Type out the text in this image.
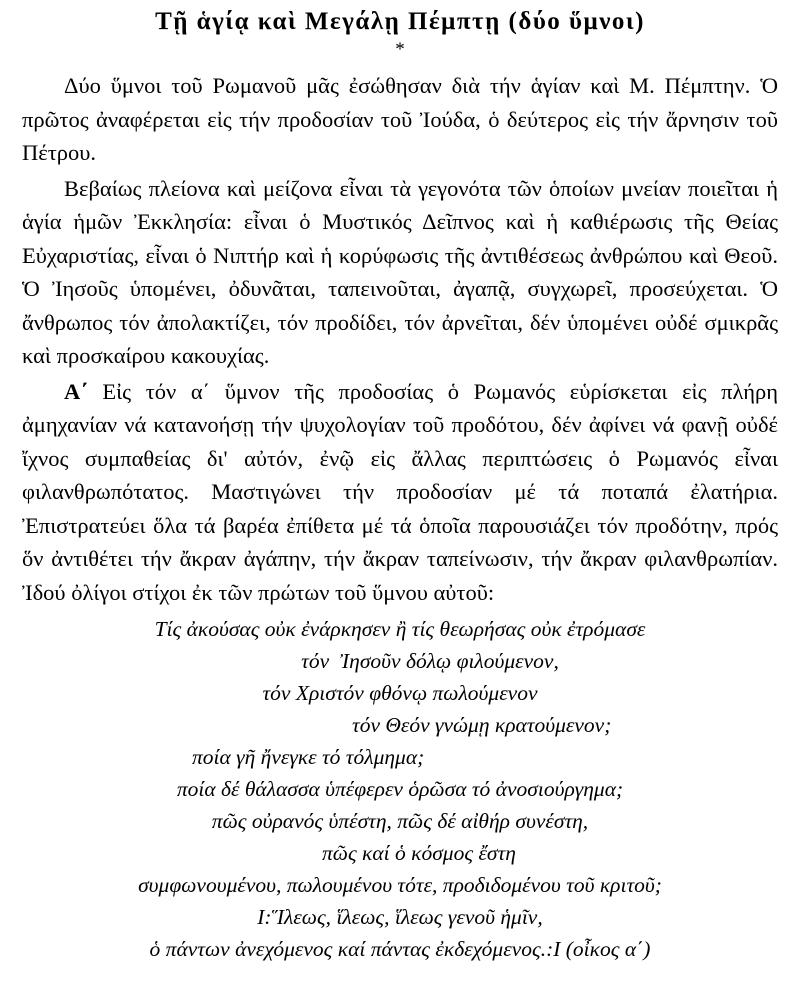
Τῇ ἁγίᾳ καὶ Μεγάλῃ Πέμπτῃ (δύο ὕμνοι)
*

Δύο ὕμνοι τοῦ Ρωμανοῦ μᾶς ἐσώθησαν διὰ τήν ἁγίαν καὶ Μ. Πέμπτην. Ὁ πρῶτος ἀναφέρεται εἰς τήν προδοσίαν τοῦ Ἰούδα, ὁ δεύτερος εἰς τήν ἄρνησιν τοῦ Πέτρου.

Βεβαίως πλείονα καὶ μείζονα εἶναι τὰ γεγονότα τῶν ὁποίων μνείαν ποιεῖται ἡ ἁγία ἡμῶν Ἐκκλησία: εἶναι ὁ Μυστικός Δεῖπνος καὶ ἡ καθιέρωσις τῆς Θείας Εὐχαριστίας, εἶναι ὁ Νιπτήρ καὶ ἡ κορύφωσις τῆς ἀντιθέσεως ἀνθρώπου καὶ Θεοῦ. Ὁ Ἰησοῦς ὑπομένει, ὀδυνᾶται, ταπεινοῦται, ἀγαπᾷ, συγχωρεῖ, προσεύχεται. Ὁ ἄνθρωπος τόν ἀπολακτίζει, τόν προδίδει, τόν ἀρνεῖται, δέν ὑπομένει οὐδέ σμικρᾶς καὶ προσκαίρου κακουχίας.

Α΄ Εἰς τόν α΄ ὕμνον τῆς προδοσίας ὁ Ρωμανός εὑρίσκεται εἰς πλήρη ἀμηχανίαν νά κατανοήσῃ τήν ψυχολογίαν τοῦ προδότου, δέν ἀφίνει νά φανῇ οὐδέ ἴχνος συμπαθείας δι' αὐτόν, ἐνῷ εἰς ἄλλας περιπτώσεις ὁ Ρωμανός εἶναι φιλανθρωπότατος. Μαστιγώνει τήν προδοσίαν μέ τά ποταπά ἐλατήρια. Ἐπιστρατεύει ὅλα τά βαρέα ἐπίθετα μέ τά ὁποῖα παρουσιάζει τόν προδότην, πρός ὅν ἀντιθέτει τήν ἄκραν ἀγάπην, τήν ἄκραν ταπείνωσιν, τήν ἄκραν φιλανθρωπίαν. Ἰδού ὀλίγοι στίχοι ἐκ τῶν πρώτων τοῦ ὕμνου αὐτοῦ:

Τίς ἀκούσας οὐκ ἐνάρκησεν ἢ τίς θεωρήσας οὐκ ἐτρόμασε
τόν  Ἰησοῦν δόλῳ φιλούμενον,
τόν Χριστόν φθόνῳ πωλούμενον
τόν Θεόν γνώμῃ κρατούμενον;
ποία γῆ ἤνεγκε τό τόλμημα;
ποία δέ θάλασσα ὑπέφερεν ὁρῶσα τό ἀνοσιούργημα;
πῶς οὐρανός ὑπέστη, πῶς δέ αἰθήρ συνέστη,
πῶς καί ὁ κόσμος ἔστη
συμφωνουμένου, πωλουμένου τότε, προδιδομένου τοῦ κριτοῦ;
Ι:Ἵλεως, ἵλεως, ἵλεως γενοῦ ἡμῖν,
ὁ πάντων ἀνεχόμενος καί πάντας ἐκδεχόμενος.:Ι (οἶκος α΄)
